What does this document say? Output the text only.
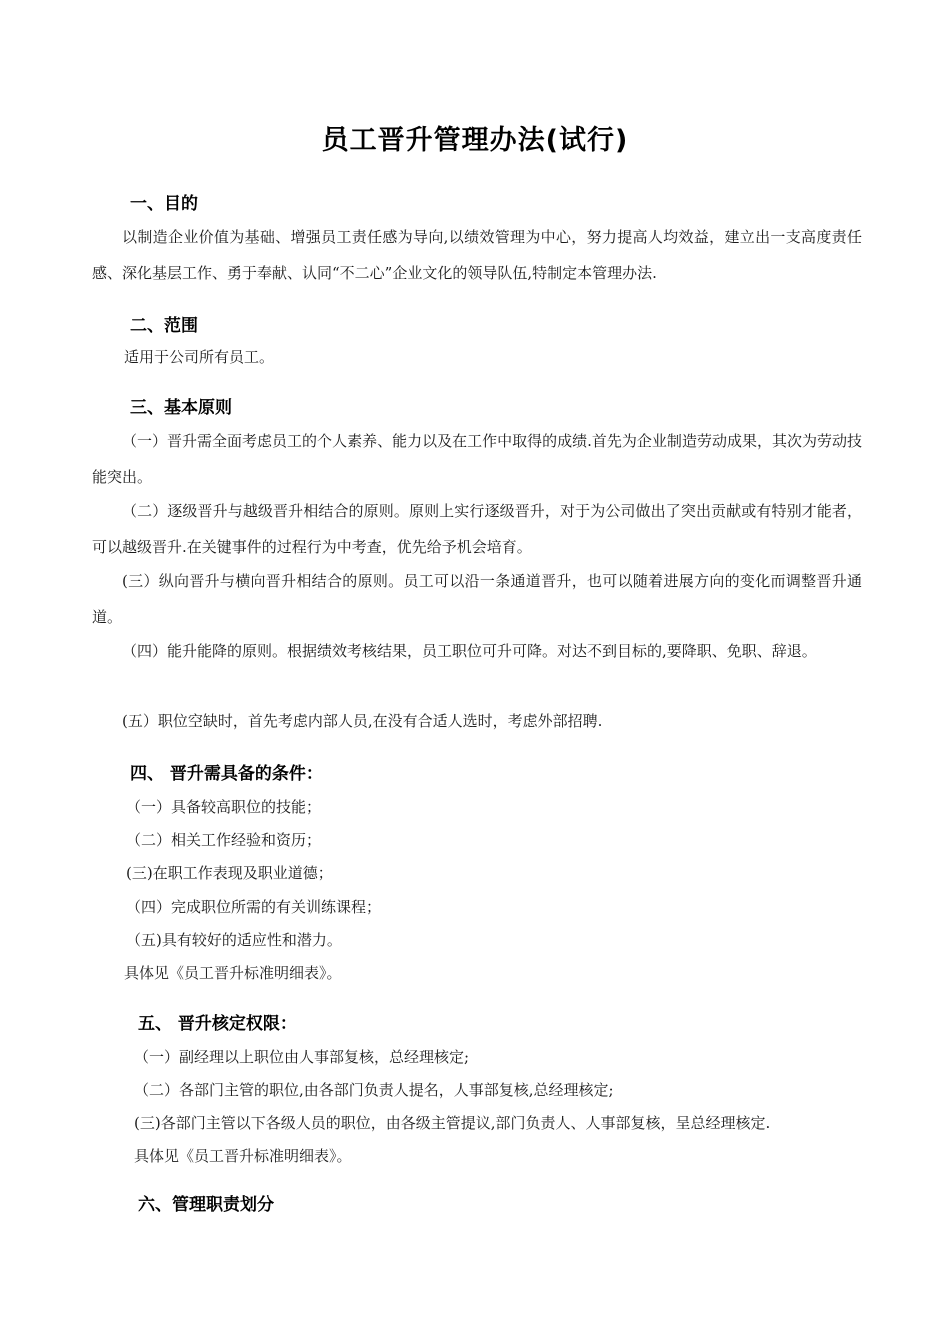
员工晋升管理办法(试行)
一、目的
以制造企业价值为基础、增强员工责任感为导向,以绩效管理为中心，努力提高人均效益，建立出一支高度责任感、深化基层工作、勇于奉献、认同“不二心”企业文化的领导队伍,特制定本管理办法.
二、范围
适用于公司所有员工。
三、基本原则
（一）晋升需全面考虑员工的个人素养、能力以及在工作中取得的成绩.首先为企业制造劳动成果，其次为劳动技能突出。
（二）逐级晋升与越级晋升相结合的原则。原则上实行逐级晋升，对于为公司做出了突出贡献或有特别才能者，可以越级晋升.在关键事件的过程行为中考查，优先给予机会培育。
(三）纵向晋升与横向晋升相结合的原则。员工可以沿一条通道晋升，也可以随着进展方向的变化而调整晋升通道。
（四）能升能降的原则。根据绩效考核结果，员工职位可升可降。对达不到目标的,要降职、免职、辞退。
(五）职位空缺时，首先考虑内部人员,在没有合适人选时，考虑外部招聘.
四、 晋升需具备的条件：
（一）具备较高职位的技能；
（二）相关工作经验和资历；
(三)在职工作表现及职业道德；
（四）完成职位所需的有关训练课程；
（五)具有较好的适应性和潜力。
具体见《员工晋升标准明细表》。
五、 晋升核定权限：
（一）副经理以上职位由人事部复核，总经理核定;
（二）各部门主管的职位,由各部门负责人提名，人事部复核,总经理核定;
(三)各部门主管以下各级人员的职位，由各级主管提议,部门负责人、人事部复核，呈总经理核定.
具体见《员工晋升标准明细表》。
六、管理职责划分
